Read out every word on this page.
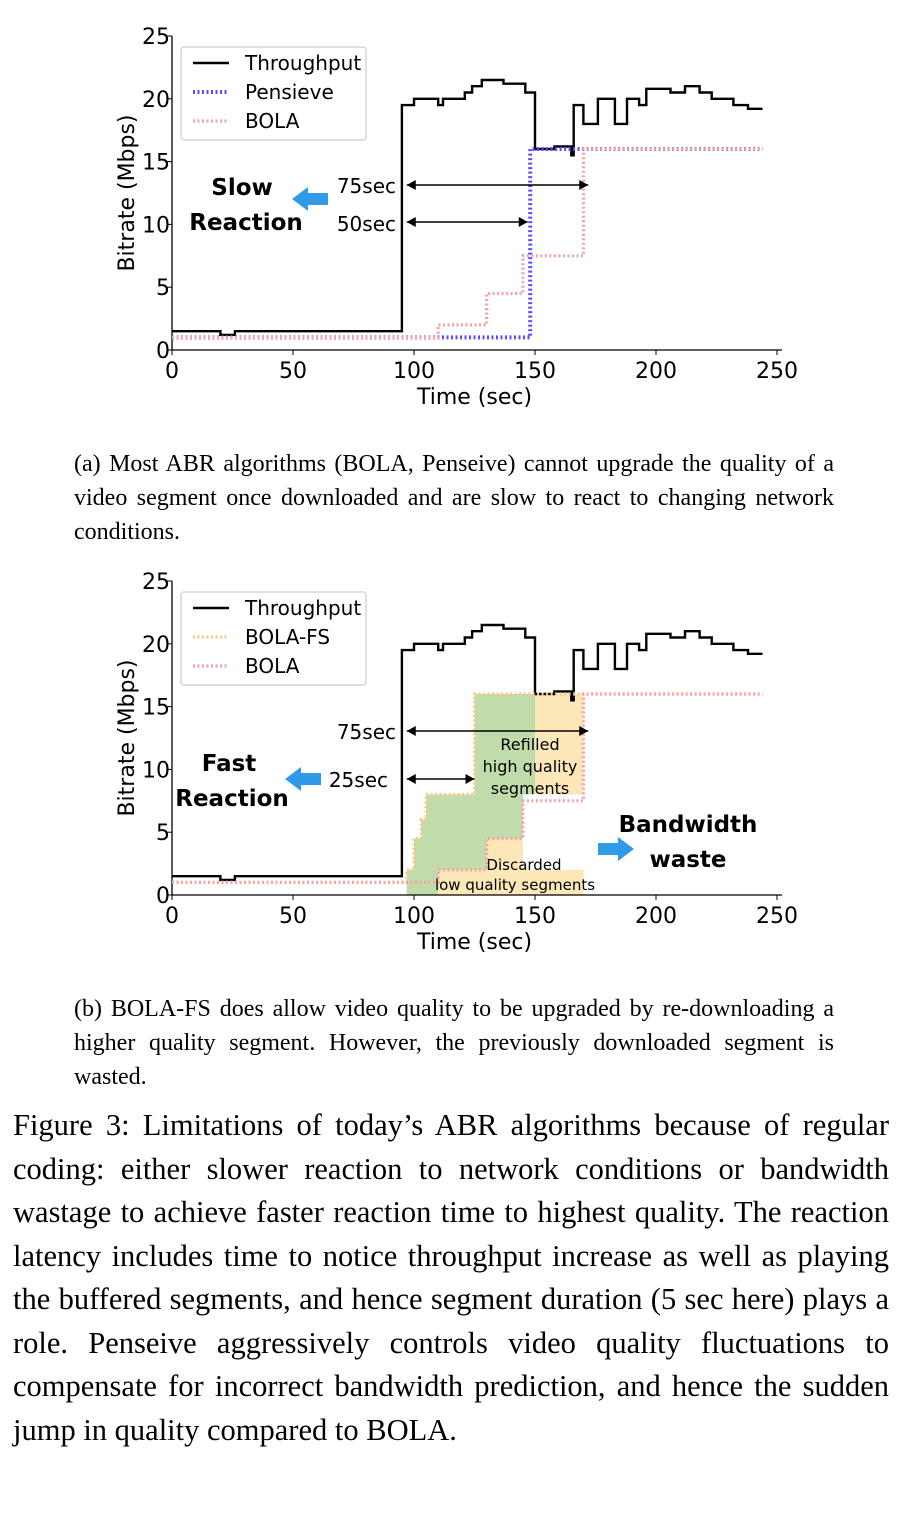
0	50	100	150	200	250
0
5
10
15
20
25
Time (sec)
Bitrate (Mbps)
Throughput
Pensieve
BOLA
75sec
50sec
Slow
Reaction
(a) Most ABR algorithms (BOLA, Penseive) cannot upgrade the quality of a video segment once downloaded and are slow to react to changing network conditions.
0	50	100	150	200	250
0
5
10
15
20
25
Time (sec)
Bitrate (Mbps)
Throughput
BOLA-FS
BOLA
75sec
25sec
Fast
Reaction
Refilled
high quality
segments
Discarded
low quality segments
Bandwidth
waste
(b) BOLA-FS does allow video quality to be upgraded by re-downloading a higher quality segment. However, the previously downloaded segment is wasted.
Figure 3: Limitations of today’s ABR algorithms because of regular coding: either slower reaction to network conditions or bandwidth wastage to achieve faster reaction time to highest quality. The reaction latency includes time to notice throughput increase as well as playing the buffered segments, and hence segment duration (5 sec here) plays a role. Penseive aggressively controls video quality fluctuations to compensate for incorrect bandwidth prediction, and hence the sudden jump in quality compared to BOLA.
